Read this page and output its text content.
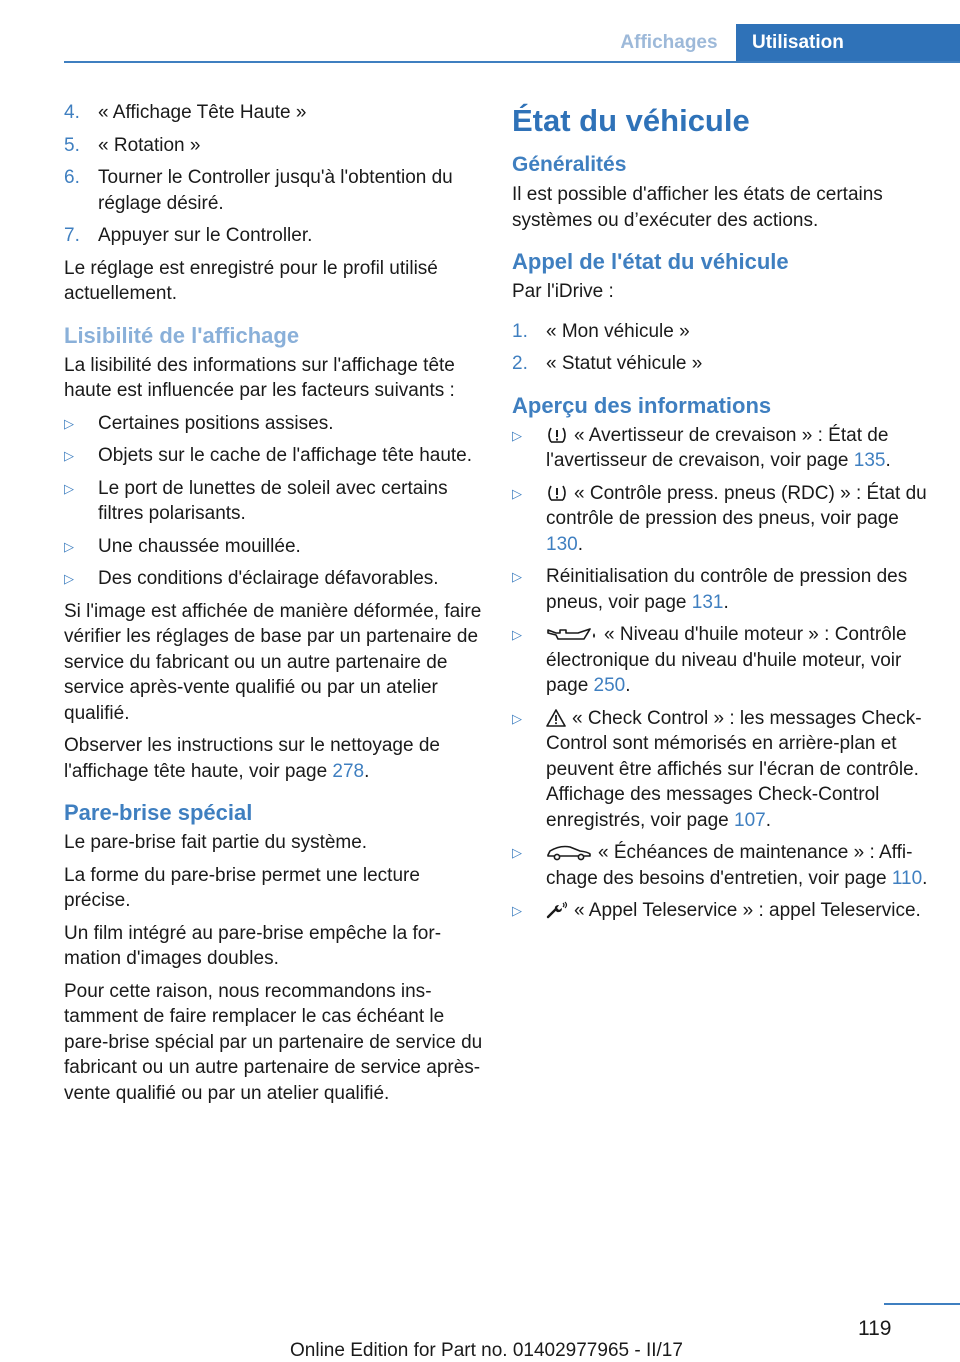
Affichages	Utilisation
4. « Affichage Tête Haute »
5. « Rotation »
6. Tourner le Controller jusqu'à l'obtention du réglage désiré.
7. Appuyer sur le Controller.

Le réglage est enregistré pour le profil utilisé actuellement.

Lisibilité de l'affichage

La lisibilité des informations sur l'affichage tête haute est influencée par les facteurs suivants :

▷	Certaines positions assises.
▷	Objets sur le cache de l'affichage tête haute.
▷	Le port de lunettes de soleil avec certains filtres polarisants.
▷	Une chaussée mouillée.
▷	Des conditions d'éclairage défavorables.

Si l'image est affichée de manière déformée, faire vérifier les réglages de base par un partenaire de service du fabricant ou un autre partenaire de service après-vente qualifié ou par un atelier qualifié.

Observer les instructions sur le nettoyage de l'affichage tête haute, voir page 278.

Pare-brise spécial

Le pare-brise fait partie du système.

La forme du pare-brise permet une lecture précise.

Un film intégré au pare-brise empêche la formation d'images doubles.

Pour cette raison, nous recommandons instamment de faire remplacer le cas échéant le pare-brise spécial par un partenaire de service du fabricant ou un autre partenaire de service après-vente qualifié ou par un atelier qualifié.

État du véhicule
Généralités

Il est possible d'afficher les états de certains systèmes ou d’exécuter des actions.

Appel de l'état du véhicule

Par l'iDrive :

1. « Mon véhicule »
2. « Statut véhicule »
Aperçu des informations
▷	« Avertisseur de crevaison » : État de l'avertisseur de crevaison, voir page 135.
▷	« Contrôle press. pneus (RDC) » : État du contrôle de pression des pneus, voir page 130.
▷	Réinitialisation du contrôle de pression des pneus, voir page 131.
▷	« Niveau d'huile moteur » : Contrôle électronique du niveau d'huile moteur, voir page 250.
▷	« Check Control » : les messages Check-Control sont mémorisés en arrière-plan et peuvent être affichés sur l'écran de contrôle. Affichage des messages Check-Control enregistrés, voir page 107.
▷	« Échéances de maintenance » : Affichage des besoins d'entretien, voir page 110.
▷	« Appel Teleservice » : appel Teleservice.
119
Online Edition for Part no. 01402977965 - II/17
